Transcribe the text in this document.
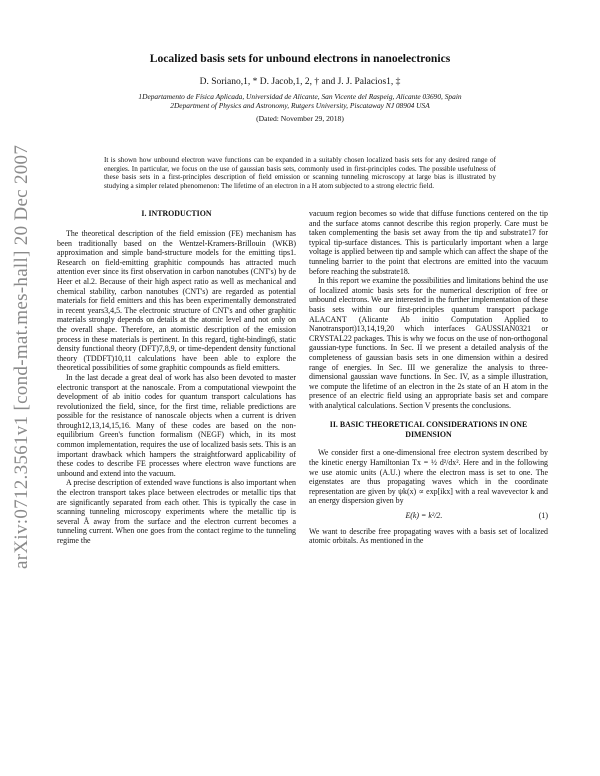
arXiv:0712.3561v1 [cond-mat.mes-hall] 20 Dec 2007
Localized basis sets for unbound electrons in nanoelectronics
D. Soriano,1, * D. Jacob,1, 2, † and J. J. Palacios1, ‡
1Departamento de Física Aplicada, Universidad de Alicante, San Vicente del Raspeig, Alicante 03690, Spain
2Department of Physics and Astronomy, Rutgers University, Piscataway NJ 08904 USA
(Dated: November 29, 2018)
It is shown how unbound electron wave functions can be expanded in a suitably chosen localized basis sets for any desired range of energies. In particular, we focus on the use of gaussian basis sets, commonly used in first-principles codes. The possible usefulness of these basis sets in a first-principles description of field emission or scanning tunneling microscopy at large bias is illustrated by studying a simpler related phenomenon: The lifetime of an electron in a H atom subjected to a strong electric field.
I. INTRODUCTION

The theoretical description of the field emission (FE) mechanism has been traditionally based on the Wentzel-Kramers-Brillouin (WKB) approximation and simple band-structure models for the emitting tips1. Research on field-emitting graphitic compounds has attracted much attention ever since its first observation in carbon nanotubes (CNT's) by de Heer et al.2. Because of their high aspect ratio as well as mechanical and chemical stability, carbon nanotubes (CNT's) are regarded as potential materials for field emitters and this has been experimentally demonstrated in recent years3,4,5. The electronic structure of CNT's and other graphitic materials strongly depends on details at the atomic level and not only on the overall shape. Therefore, an atomistic description of the emission process in these materials is pertinent. In this regard, tight-binding6, static density functional theory (DFT)7,8,9, or time-dependent density functional theory (TDDFT)10,11 calculations have been able to explore the theoretical possibilities of some graphitic compounds as field emitters.

In the last decade a great deal of work has also been devoted to master electronic transport at the nanoscale. From a computational viewpoint the development of ab initio codes for quantum transport calculations has revolutionized the field, since, for the first time, reliable predictions are possible for the resistance of nanoscale objects when a current is driven through12,13,14,15,16. Many of these codes are based on the non-equilibrium Green's function formalism (NEGF) which, in its most common implementation, requires the use of localized basis sets. This is an important drawback which hampers the straightforward applicability of these codes to describe FE processes where electron wave functions are unbound and extend into the vacuum.

A precise description of extended wave functions is also important when the electron transport takes place between electrodes or metallic tips that are significantly separated from each other. This is typically the case in scanning tunneling microscopy experiments where the metallic tip is several Å away from the surface and the electron current becomes a tunneling current. When one goes from the contact regime to the tunneling regime the

vacuum region becomes so wide that diffuse functions centered on the tip and the surface atoms cannot describe this region properly. Care must be taken complementing the basis set away from the tip and substrate17 for typical tip-surface distances. This is particularly important when a large voltage is applied between tip and sample which can affect the shape of the tunneling barrier to the point that electrons are emitted into the vacuum before reaching the substrate18.

In this report we examine the possibilities and limitations behind the use of localized atomic basis sets for the numerical description of free or unbound electrons. We are interested in the further implementation of these basis sets within our first-principles quantum transport package ALACANT (Alicante Ab initio Computation Applied to Nanotransport)13,14,19,20 which interfaces GAUSSIAN0321 or CRYSTAL22 packages. This is why we focus on the use of non-orthogonal gaussian-type functions. In Sec. II we present a detailed analysis of the completeness of gaussian basis sets in one dimension within a desired range of energies. In Sec. III we generalize the analysis to three-dimensional gaussian wave functions. In Sec. IV, as a simple illustration, we compute the lifetime of an electron in the 2s state of an H atom in the presence of an electric field using an appropriate basis set and compare with analytical calculations. Section V presents the conclusions.

II. BASIC THEORETICAL CONSIDERATIONS IN ONE DIMENSION

We consider first a one-dimensional free electron system described by the kinetic energy Hamiltonian Tx = ½ d²/dx². Here and in the following we use atomic units (A.U.) where the electron mass is set to one. The eigenstates are thus propagating waves which in the coordinate representation are given by ψk(x) ∝ exp[ikx] with a real wavevector k and an energy dispersion given by

E(k) = k²/2.	(1)

We want to describe free propagating waves with a basis set of localized atomic orbitals. As mentioned in the
